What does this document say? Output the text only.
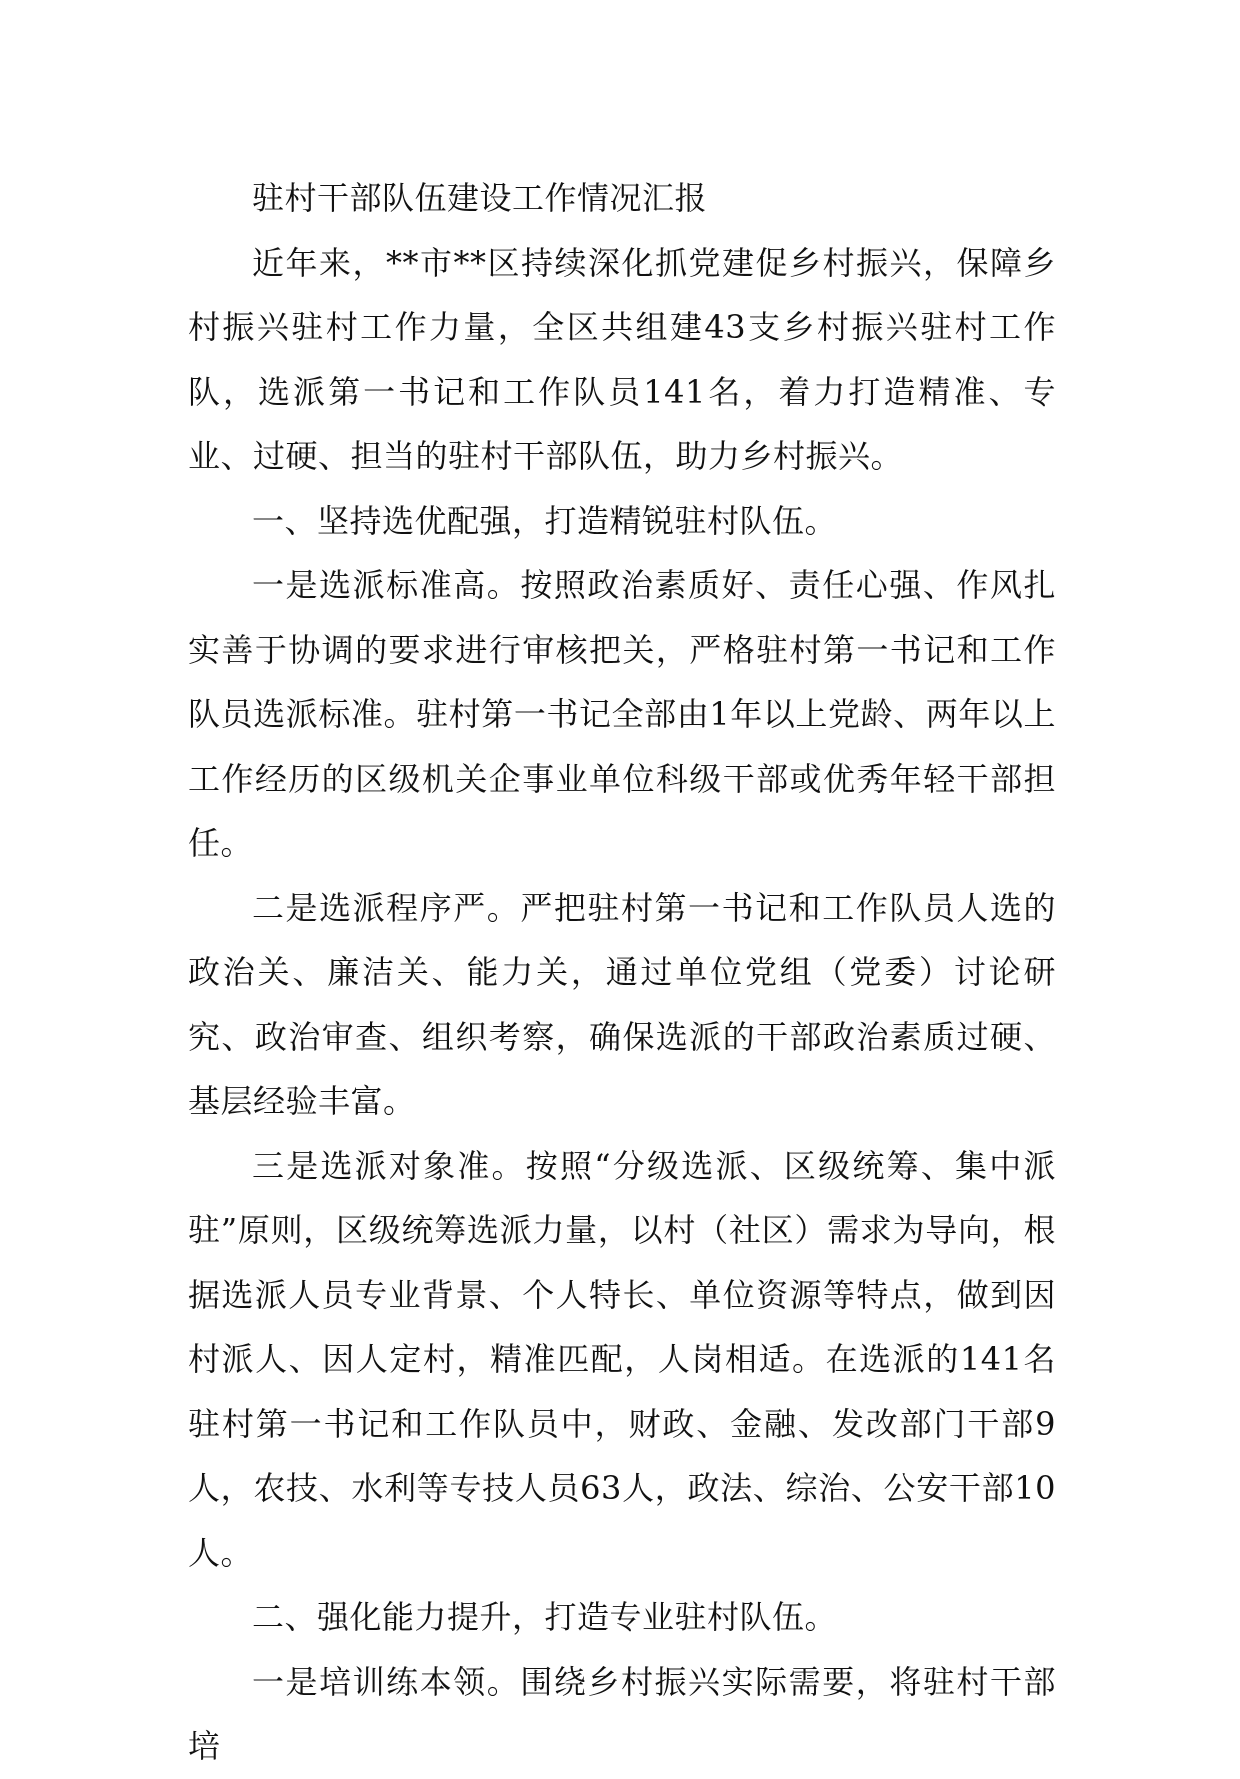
驻村干部队伍建设工作情况汇报

近年来，**市**区持续深化抓党建促乡村振兴，保障乡村振兴驻村工作力量，全区共组建43支乡村振兴驻村工作队，选派第一书记和工作队员141名，着力打造精准、专业、过硬、担当的驻村干部队伍，助力乡村振兴。

一、坚持选优配强，打造精锐驻村队伍。

一是选派标准高。按照政治素质好、责任心强、作风扎实善于协调的要求进行审核把关，严格驻村第一书记和工作队员选派标准。驻村第一书记全部由1年以上党龄、两年以上工作经历的区级机关企事业单位科级干部或优秀年轻干部担任。

二是选派程序严。严把驻村第一书记和工作队员人选的政治关、廉洁关、能力关，通过单位党组（党委）讨论研究、政治审查、组织考察，确保选派的干部政治素质过硬、基层经验丰富。

三是选派对象准。按照“分级选派、区级统筹、集中派驻”原则，区级统筹选派力量，以村（社区）需求为导向，根据选派人员专业背景、个人特长、单位资源等特点，做到因村派人、因人定村，精准匹配，人岗相适。在选派的141名驻村第一书记和工作队员中，财政、金融、发改部门干部9人，农技、水利等专技人员63人，政法、综治、公安干部10人。

二、强化能力提升，打造专业驻村队伍。

一是培训练本领。围绕乡村振兴实际需要，将驻村干部培
